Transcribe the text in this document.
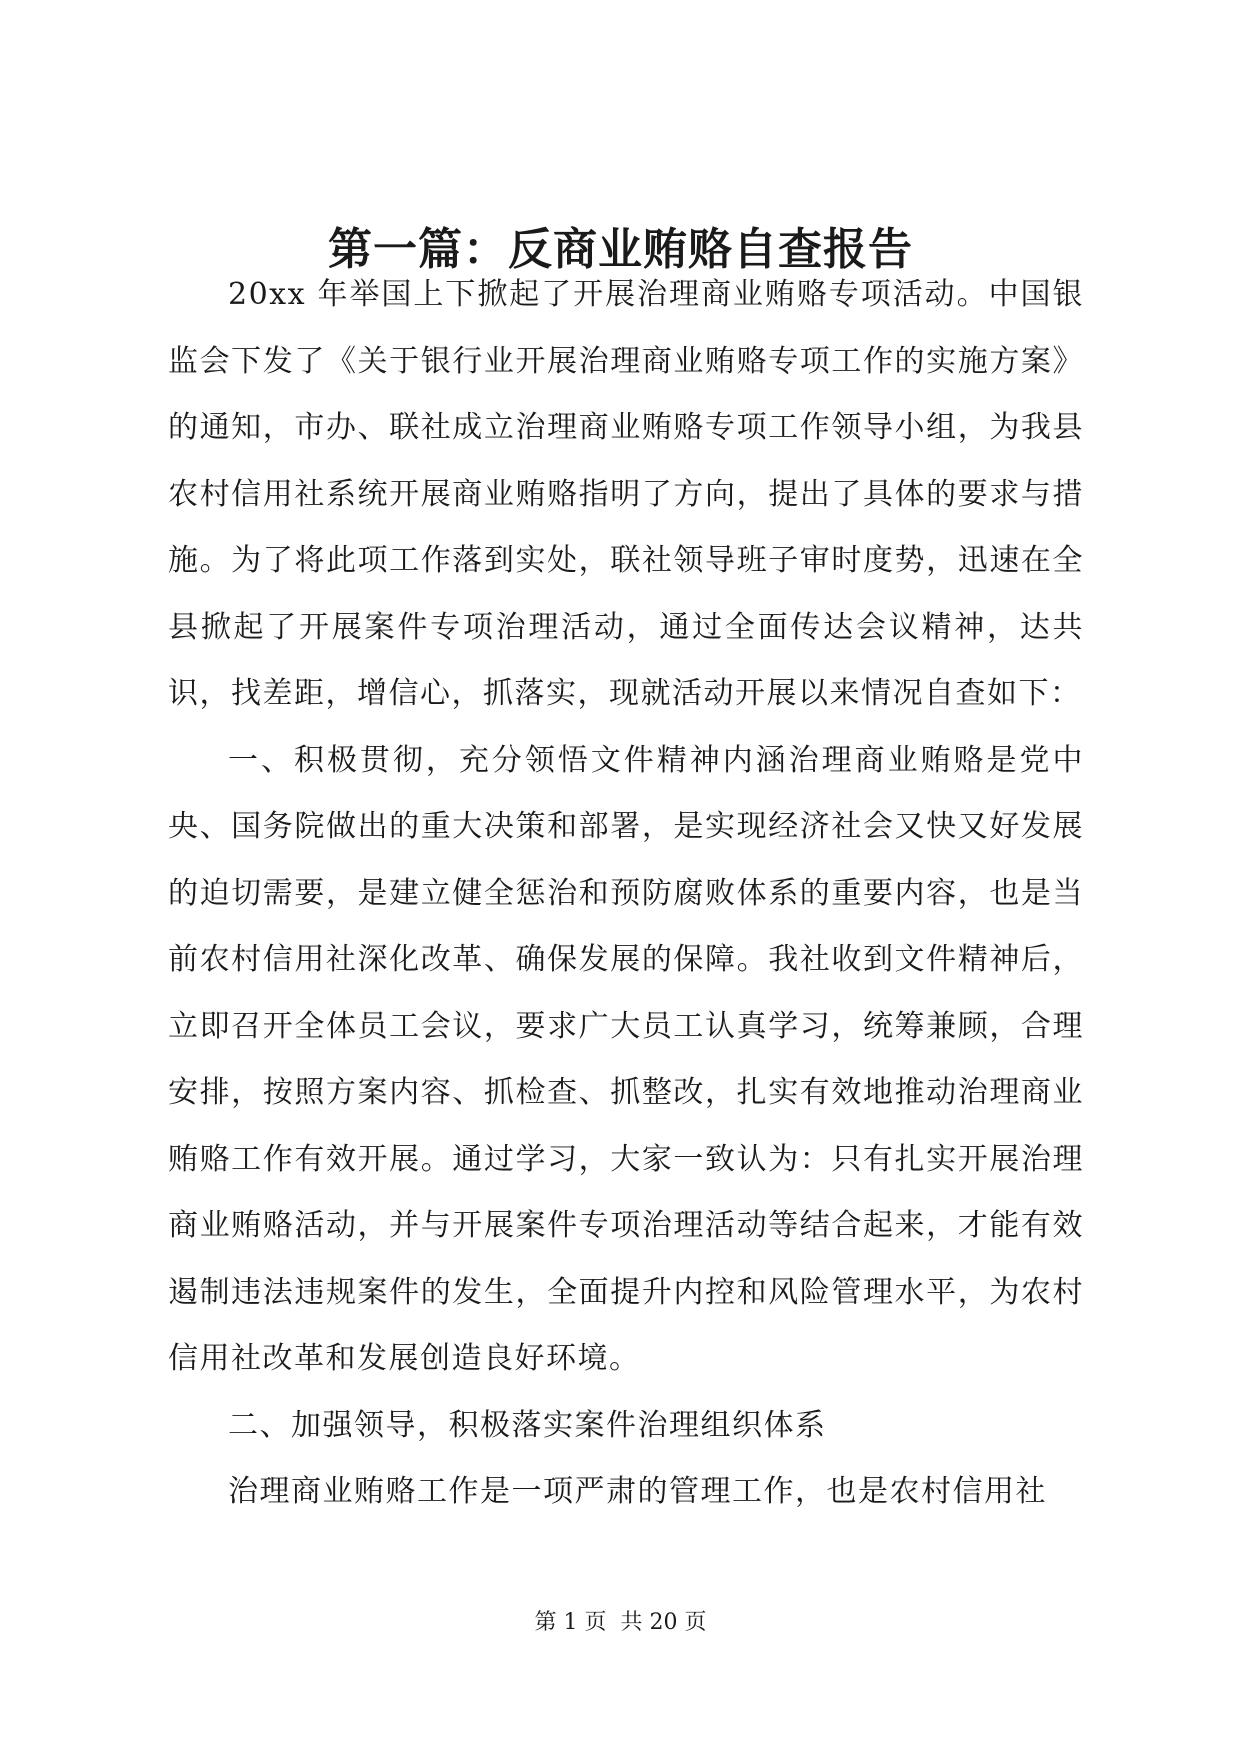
第一篇：反商业贿赂自查报告

20xx 年举国上下掀起了开展治理商业贿赂专项活动。中国银监会下发了《关于银行业开展治理商业贿赂专项工作的实施方案》的通知，市办、联社成立治理商业贿赂专项工作领导小组，为我县农村信用社系统开展商业贿赂指明了方向，提出了具体的要求与措施。为了将此项工作落到实处，联社领导班子审时度势，迅速在全县掀起了开展案件专项治理活动，通过全面传达会议精神，达共识，找差距，增信心，抓落实，现就活动开展以来情况自查如下：

一、积极贯彻，充分领悟文件精神内涵治理商业贿赂是党中央、国务院做出的重大决策和部署，是实现经济社会又快又好发展的迫切需要，是建立健全惩治和预防腐败体系的重要内容，也是当前农村信用社深化改革、确保发展的保障。我社收到文件精神后，立即召开全体员工会议，要求广大员工认真学习，统筹兼顾，合理安排，按照方案内容、抓检查、抓整改，扎实有效地推动治理商业贿赂工作有效开展。通过学习，大家一致认为：只有扎实开展治理商业贿赂活动，并与开展案件专项治理活动等结合起来，才能有效遏制违法违规案件的发生，全面提升内控和风险管理水平，为农村信用社改革和发展创造良好环境。

二、加强领导，积极落实案件治理组织体系

治理商业贿赂工作是一项严肃的管理工作，也是农村信用社

第 1 页  共 20 页
